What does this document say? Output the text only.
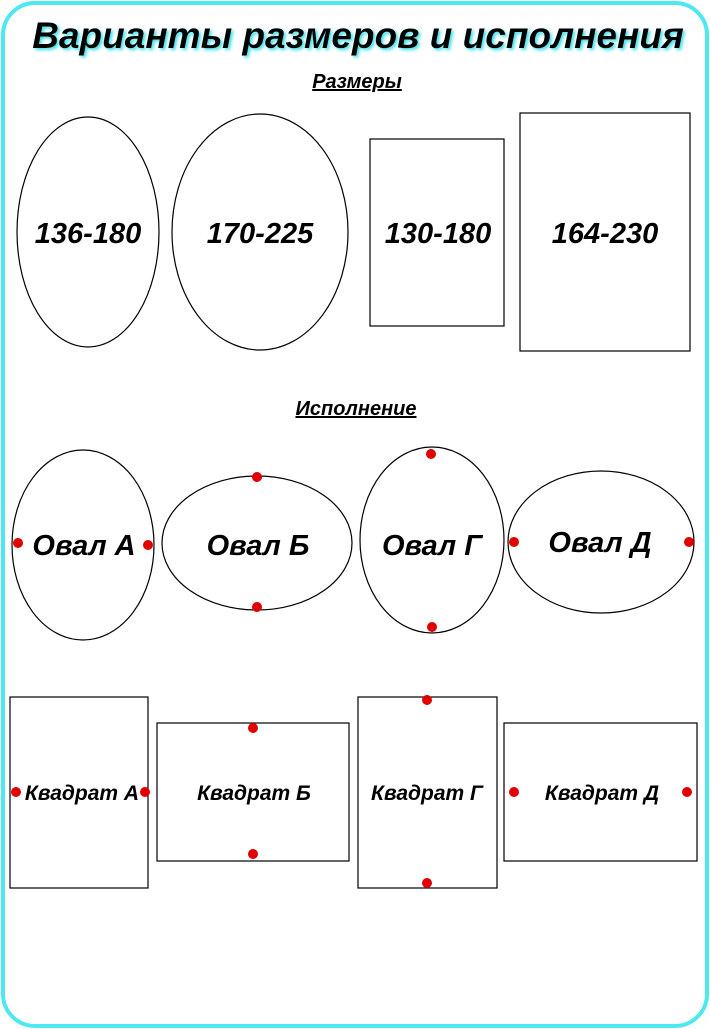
Варианты размеров и исполнения
Размеры
136-180 170-225 130-180 164-230
Исполнение
Овал А Овал Б	Овал Г Овал Д
Квадрат А	Квадрат Б	Квадрат Г	Квадрат Д
